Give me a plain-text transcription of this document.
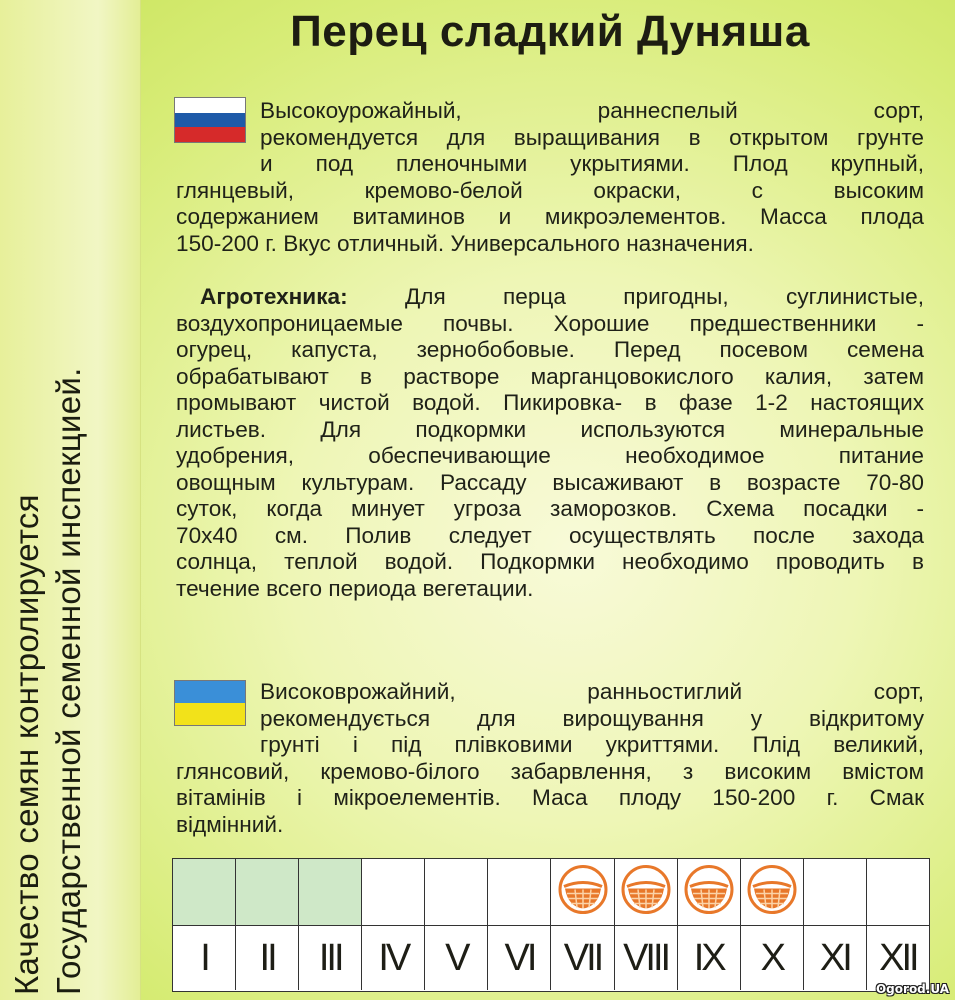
Качество семян контролируется Государственной семенной инспекцией.
Перец сладкий Дуняша
Высокоурожайный, раннеспелый сорт,
рекомендуется для выращивания в открытом грунте
и под пленочными укрытиями. Плод крупный,
глянцевый, кремово-белой окраски, с высоким
содержанием витаминов и микроэлементов. Масса плода
150-200 г. Вкус отличный. Универсального назначения.
Агротехника:	Для перца пригодны, суглинистые,
воздухопроницаемые почвы. Хорошие предшественники -
огурец, капуста, зернобобовые. Перед посевом семена
обрабатывают в растворе марганцовокислого калия, затем
промывают чистой водой. Пикировка- в фазе 1-2 настоящих
листьев. Для подкормки используются минеральные
удобрения, обеспечивающие необходимое питание
овощным культурам. Рассаду высаживают в возрасте 70-80
суток, когда минует угроза заморозков. Схема посадки -
70х40 см. Полив следует осуществлять после захода
солнца, теплой водой. Подкормки необходимо проводить в
течение всего периода вегетации.
Високоврожайний, ранньостиглий сорт,
рекомендується для вирощування у відкритому
грунті і під плівковими укриттями. Плід великий,
глянсовий, кремово-білого забарвлення, з високим вмістом
вітамінів і мікроелементів. Маса плоду 150-200 г. Смак
відмінний.
I	II	III IV V VI VII VIII IX X XI XII
Ogorod.UA
